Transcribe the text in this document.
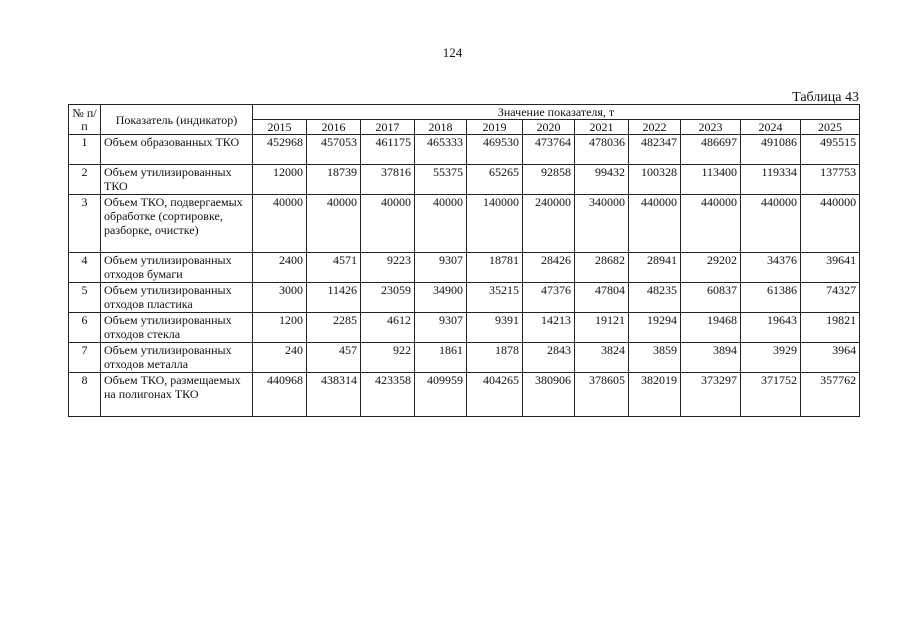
124
Таблица 43
№ п/п	Показатель (индикатор)	Значение показателя, т										
		2015	2016	2017	2018	2019	2020	2021	2022	2023	2024	2025
1	Объем образованных ТКО	452968	457053	461175	465333	469530	473764	478036	482347	486697	491086	495515
2	Объем утилизированных ТКО	12000	18739	37816	55375	65265	92858	99432	100328	113400	119334	137753
3	Объем ТКО, подвергаемых обработке (сортировке, разборке, очистке)	40000	40000	40000	40000	140000	240000	340000	440000	440000	440000	440000
4	Объем утилизированных отходов бумаги	2400	4571	9223	9307	18781	28426	28682	28941	29202	34376	39641
5	Объем утилизированных отходов пластика	3000	11426	23059	34900	35215	47376	47804	48235	60837	61386	74327
6	Объем утилизированных отходов стекла	1200	2285	4612	9307	9391	14213	19121	19294	19468	19643	19821
7	Объем утилизированных отходов металла	240	457	922	1861	1878	2843	3824	3859	3894	3929	3964
8	Объем ТКО, размещаемых на полигонах ТКО	440968	438314	423358	409959	404265	380906	378605	382019	373297	371752	357762
